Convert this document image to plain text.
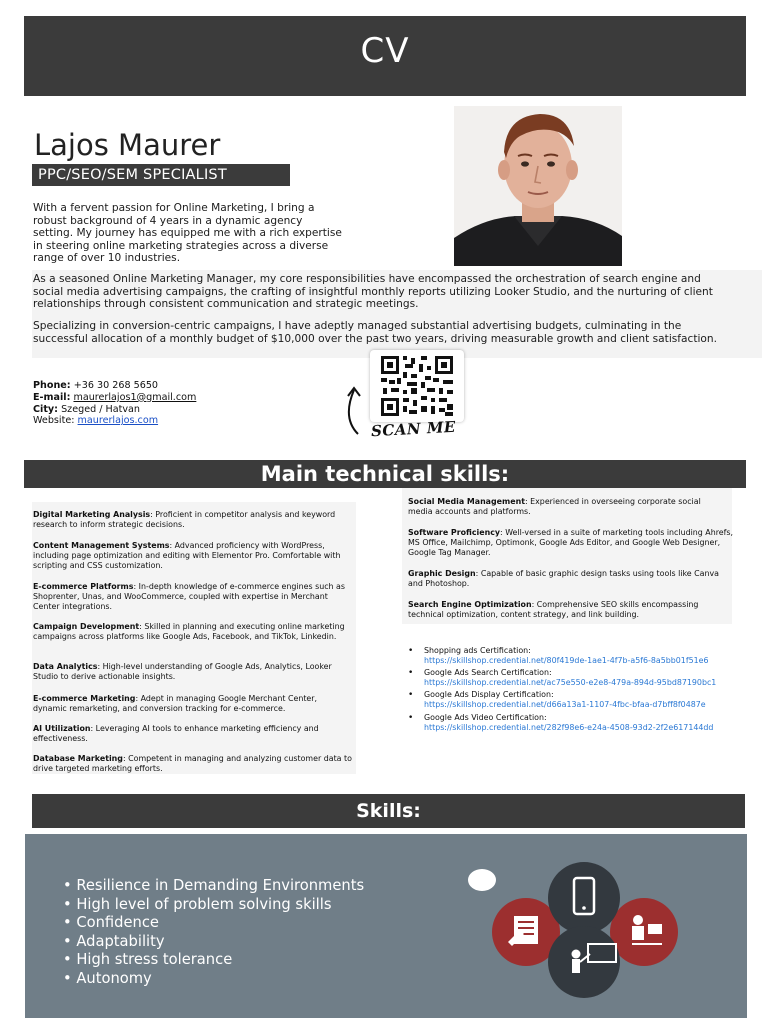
CV
Lajos Maurer
PPC/SEO/SEM SPECIALIST

With a fervent passion for Online Marketing, I bring a robust background of 4 years in a dynamic agency setting. My journey has equipped me with a rich expertise in steering online marketing strategies across a diverse range of over 10 industries.

As a seasoned Online Marketing Manager, my core responsibilities have encompassed the orchestration of search engine and social media advertising campaigns, the crafting of insightful monthly reports utilizing Looker Studio, and the nurturing of client relationships through consistent communication and strategic meetings.

Specializing in conversion-centric campaigns, I have adeptly managed substantial advertising budgets, culminating in the successful allocation of a monthly budget of $10,000 over the past two years, driving measurable growth and client satisfaction.

Phone: +36 30 268 5650
E-mail: maurerlajos1@gmail.com
City: Szeged / Hatvan
Website: maurerlajos.com	SCAN ME
Main technical skills:
Digital Marketing Analysis: Proficient in competitor analysis and keyword research to inform strategic decisions.
Content Management Systems: Advanced proficiency with WordPress, including page optimization and editing with Elementor Pro. Comfortable with scripting and CSS customization.
E-commerce Platforms: In-depth knowledge of e-commerce engines such as Shoprenter, Unas, and WooCommerce, coupled with expertise in Merchant Center integrations.
Campaign Development: Skilled in planning and executing online marketing campaigns across platforms like Google Ads, Facebook, and TikTok, Linkedin.
Data Analytics: High-level understanding of Google Ads, Analytics, Looker Studio to derive actionable insights.
E-commerce Marketing: Adept in managing Google Merchant Center, dynamic remarketing, and conversion tracking for e-commerce.
AI Utilization: Leveraging AI tools to enhance marketing efficiency and effectiveness.
Database Marketing: Competent in managing and analyzing customer data to drive targeted marketing efforts.
Social Media Management: Experienced in overseeing corporate social media accounts and platforms.
Software Proficiency: Well-versed in a suite of marketing tools including Ahrefs, MS Office, Mailchimp, Optimonk, Google Ads Editor, and Google Web Designer, Google Tag Manager.
Graphic Design: Capable of basic graphic design tasks using tools like Canva and Photoshop.
Search Engine Optimization: Comprehensive SEO skills encompassing technical optimization, content strategy, and link building.
• Shopping ads Certification:
https://skillshop.credential.net/80f419de-1ae1-4f7b-a5f6-8a5bb01f51e6
• Google Ads Search Certification:
https://skillshop.credential.net/ac75e550-e2e8-479a-894d-95bd87190bc1
• Google Ads Display Certification:
https://skillshop.credential.net/d66a13a1-1107-4fbc-bfaa-d7bff8f0487e
• Google Ads Video Certification:
https://skillshop.credential.net/282f98e6-e24a-4508-93d2-2f2e617144dd
Skills:
• Resilience in Demanding Environments
• High level of problem solving skills
• Confidence
• Adaptability
• High stress tolerance
• Autonomy
